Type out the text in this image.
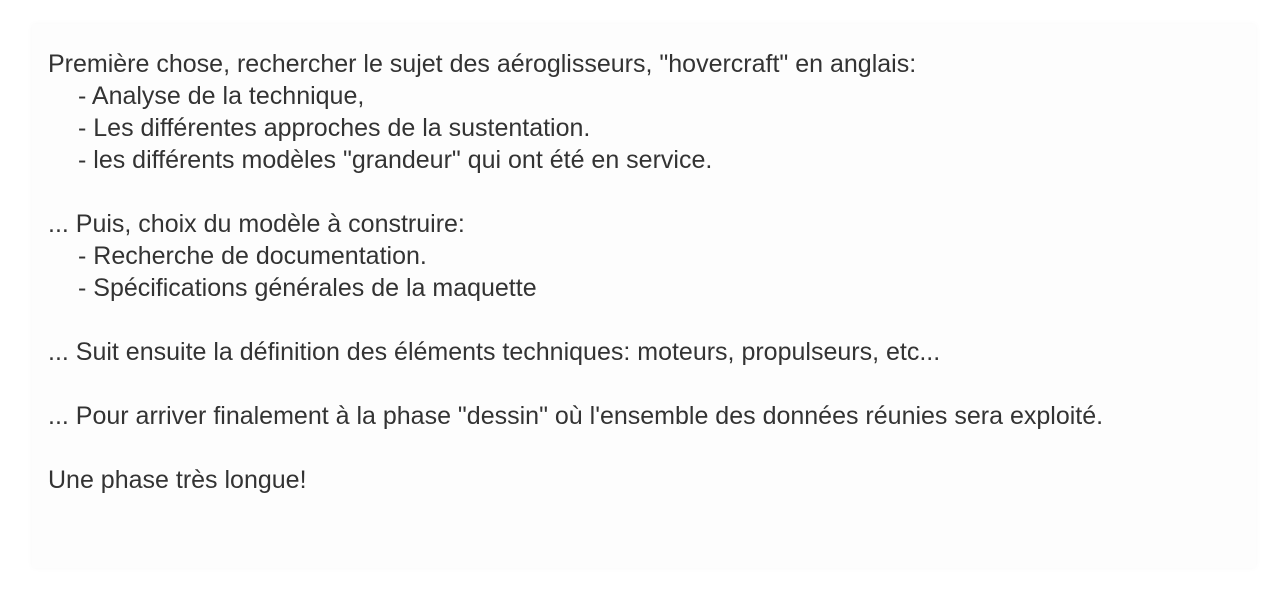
Première chose, rechercher le sujet des aéroglisseurs, "hovercraft" en anglais:
- Analyse de la technique,
- Les différentes approches de la sustentation.
- les différents modèles "grandeur" qui ont été en service.
... Puis, choix du modèle à construire:
- Recherche de documentation.
- Spécifications générales de la maquette
... Suit ensuite la définition des éléments techniques: moteurs, propulseurs, etc...
... Pour arriver finalement à la phase "dessin" où l'ensemble des données réunies sera exploité.
Une phase très longue!
